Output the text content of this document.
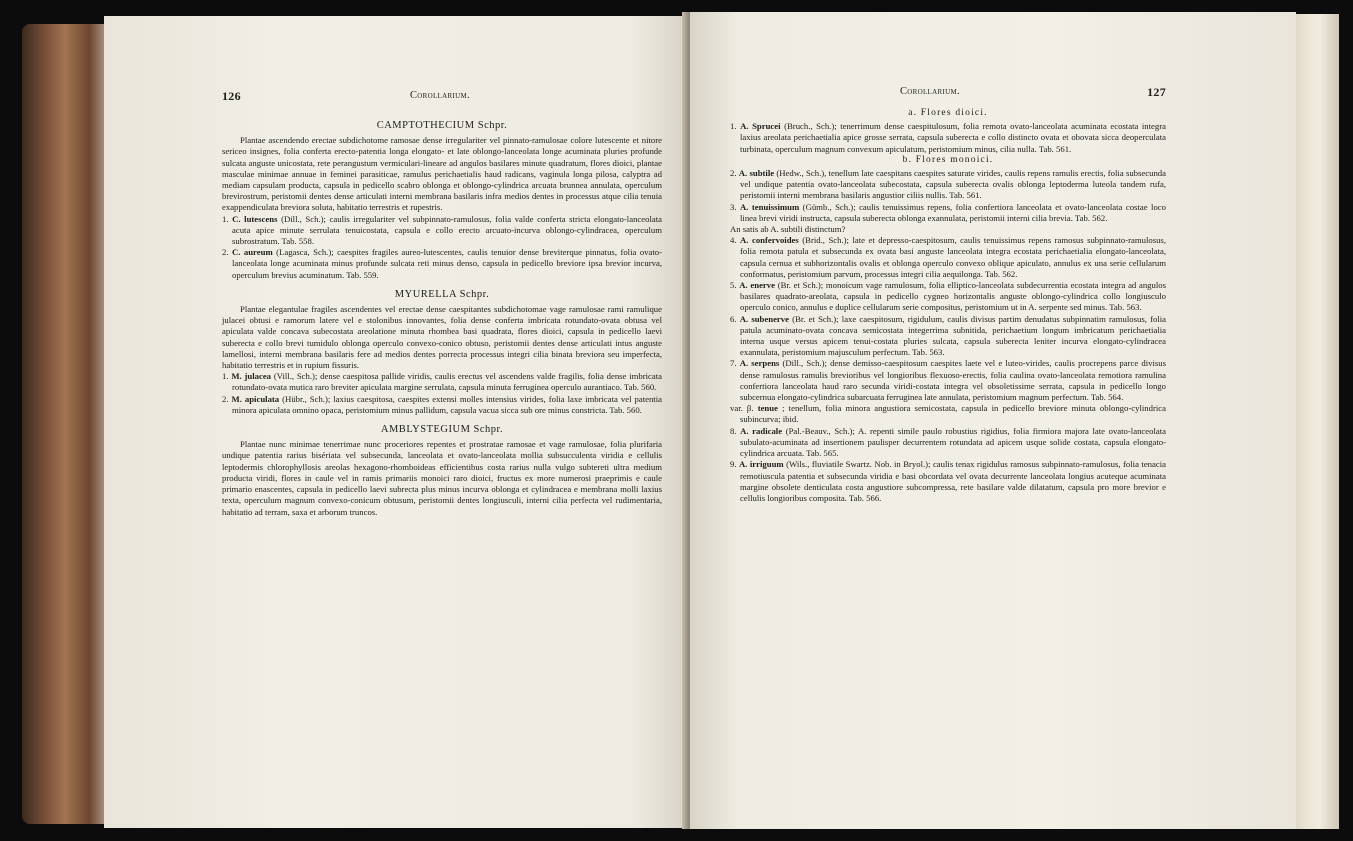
126	Corollarium.
CAMPTOTHECIUM Schpr.

Plantae ascendendo erectae subdichotome ramosae dense irregulariter vel pinnato-ramulosae colore lutescente et nitore sericeo insignes, folia conferta erecto-patentia longa elongato- et late oblongo-lanceolata longe acuminata pluries profunde sulcata anguste unicostata, rete perangustum vermiculari-lineare ad angulos basilares minute quadratum, flores dioici, plantae masculae minimae annuae in feminei parasiticae, ramulus perichaetialis haud radicans, vaginula longa pilosa, calyptra ad mediam capsulam producta, capsula in pedicello scabro oblonga et oblongo-cylindrica arcuata brunnea annulata, operculum brevirostrum, peristomii dentes dense articulati interni membrana basilaris infra medios dentes in processus atque cilia tenuia exappendiculata breviora soluta, habitatio terrestris et rupestris.

1. C. lutescens (Dill., Sch.); caulis irregulariter vel subpinnato-ramulosus, folia valde conferta stricta elongato-lanceolata acuta apice minute serrulata tenuicostata, capsula e collo erecto arcuato-incurva oblongo-cylindracea, operculum subrostratum. Tab. 558.

2. C. aureum (Lagasca, Sch.); caespites fragiles aureo-lutescentes, caulis tenuior dense breviterque pinnatus, folia ovato-lanceolata longe acuminata minus profunde sulcata reti minus denso, capsula in pedicello breviore ipsa brevior incurva, operculum brevius acuminatum. Tab. 559.

MYURELLA Schpr.

Plantae elegantulae fragiles ascendentes vel erectae dense caespitantes subdichotomae vage ramulosae rami ramulique julacei obtusi e ramorum latere vel e stolonibus innovantes, folia dense conferta imbricata rotundato-ovata obtusa vel apiculata valde concava subecostata areolatione minuta rhombea basi quadrata, flores dioici, capsula in pedicello laevi suberecta e collo brevi tumidulo oblonga operculo convexo-conico obtuso, peristomii dentes dense articulati intus anguste lamellosi, interni membrana basilaris fere ad medios dentes porrecta processus integri cilia binata breviora seu imperfecta, habitatio terrestris et in rupium fissuris.

1. M. julacea (Vill., Sch.); dense caespitosa pallide viridis, caulis erectus vel ascendens valde fragilis, folia dense imbricata rotundato-ovata mutica raro breviter apiculata margine serrulata, capsula minuta ferruginea operculo aurantiaco. Tab. 560.

2. M. apiculata (Hübr., Sch.); laxius caespitosa, caespites extensi molles intensius virides, folia laxe imbricata vel patentia minora apiculata omnino opaca, peristomium minus pallidum, capsula vacua sicca sub ore minus constricta. Tab. 560.

AMBLYSTEGIUM Schpr.

Plantae nunc minimae tenerrimae nunc proceriores repentes et prostratae ramosae et vage ramulosae, folia plurifaria undique patentia rarius bisériata vel subsecunda, lanceolata et ovato-lanceolata mollia subsucculenta viridia e cellulis leptodermis chlorophyllosis areolas hexagono-rhomboideas efficientibus costa rarius nulla vulgo subtereti ultra medium producta viridi, flores in caule vel in ramis primariis monoici raro dioici, fructus ex more numerosi praeprimis e caule primario enascentes, capsula in pedicello laevi subrecta plus minus incurva oblonga et cylindracea e membrana molli laxius texta, operculum magnum convexo-conicum obtusum, peristomii dentes longiusculi, interni cilia perfecta vel rudimentaria, habitatio ad terram, saxa et arborum truncos.

Corollarium.	127
a. Flores dioici.

1. A. Sprucei (Bruch., Sch.); tenerrimum dense caespitulosum, folia remota ovato-lanceolata acuminata ecostata integra laxius areolata perichaetialia apice grosse serrata, capsula suberecta e collo distincto ovata et obovata sicca deoperculata turbinata, operculum magnum convexum apiculatum, peristomium minus, cilia nulla. Tab. 561.

b. Flores monoici.

2. A. subtile (Hedw., Sch.), tenellum late caespitans caespites saturate virides, caulis repens ramulis erectis, folia subsecunda vel undique patentia ovato-lanceolata subecostata, capsula suberecta ovalis oblonga leptoderma luteola tandem rufa, peristomii interni membrana basilaris angustior ciliis nullis. Tab. 561.

3. A. tenuissimum (Gümb., Sch.); caulis tenuissimus repens, folia confertiora lanceolata et ovato-lanceolata costae loco linea brevi viridi instructa, capsula suberecta oblonga exannulata, peristomii interni cilia brevia. Tab. 562.

An satis ab A. subtili distinctum?

4. A. confervoides (Brid., Sch.); late et depresso-caespitosum, caulis tenuissimus repens ramosus subpinnato-ramulosus, folia remota patula et subsecunda ex ovata basi anguste lanceolata integra ecostata perichaetialia elongato-lanceolata, capsula cernua et subhorizontalis ovalis et oblonga operculo convexo oblique apiculato, annulus ex una serie cellularum conformatus, peristomium parvum, processus integri cilia aequilonga. Tab. 562.

5. A. enerve (Br. et Sch.); monoicum vage ramulosum, folia elliptico-lanceolata subdecurrentia ecostata integra ad angulos basilares quadrato-areolata, capsula in pedicello cygneo horizontalis anguste oblongo-cylindrica collo longiusculo operculo conico, annulus e duplice cellularum serie compositus, peristomium ut in A. serpente sed minus. Tab. 563.

6. A. subenerve (Br. et Sch.); laxe caespitosum, rigidulum, caulis divisus partim denudatus subpinnatim ramulosus, folia patula acuminato-ovata concava semicostata integerrima subnitida, perichaetium longum imbricatum perichaetialia interna usque versus apicem tenui-costata pluries sulcata, capsula suberecta leniter incurva elongato-cylindracea exannulata, peristomium majusculum perfectum. Tab. 563.

7. A. serpens (Dill., Sch.); dense demisso-caespitosum caespites laete vel e luteo-virides, caulis procrepens parce divisus dense ramulosus ramulis brevioribus vel longioribus flexuoso-erectis, folia caulina ovato-lanceolata remotiora ramulina confertiora lanceolata haud raro secunda viridi-costata integra vel obsoletissime serrata, capsula in pedicello longo subcernua elongato-cylindrica subarcuata ferruginea late annulata, peristomium magnum perfectum. Tab. 564.

var. β. tenue ; tenellum, folia minora angustiora semicostata, capsula in pedicello breviore minuta oblongo-cylindrica subincurva; ibid.

8. A. radicale (Pal.-Beauv., Sch.); A. repenti simile paulo robustius rigidius, folia firmiora majora late ovato-lanceolata subulato-acuminata ad insertionem paulisper decurrentem rotundata ad apicem usque solide costata, capsula elongato-cylindrica arcuata. Tab. 565.

9. A. irriguum (Wils., fluviatile Swartz. Nob. in Bryol.); caulis tenax rigidulus ramosus subpinnato-ramulosus, folia tenacia remotiuscula patentia et subsecunda viridia e basi obcordata vel ovata decurrente lanceolata longius acuteque acuminata margine obsolete denticulata costa angustiore subcompressa, rete basilare valde dilatatum, capsula pro more brevior e cellulis longioribus composita. Tab. 566.
